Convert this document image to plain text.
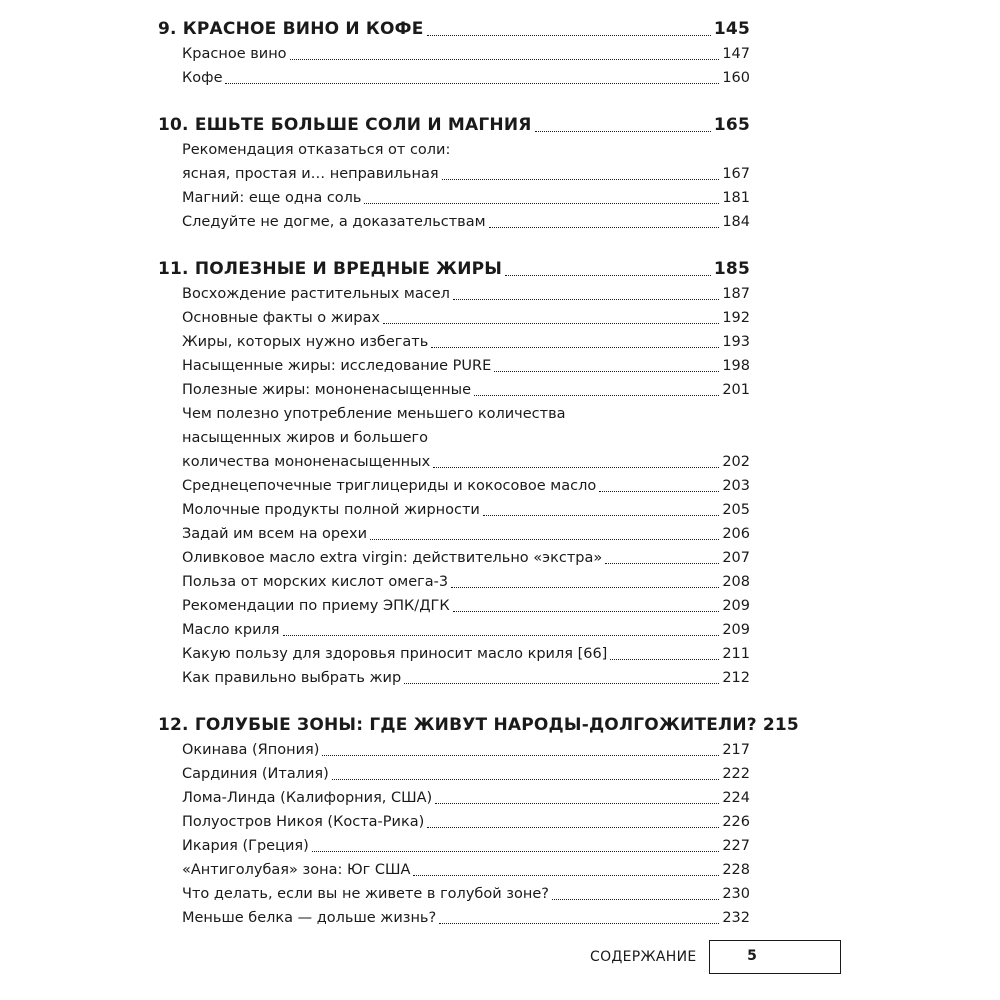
9. КРАСНОЕ ВИНО И КОФЕ	145
Красное вино	147
Кофе	160
10. ЕШЬТЕ БОЛЬШЕ СОЛИ И МАГНИЯ	165
Рекомендация отказаться от соли:
ясная, простая и… неправильная	167
Магний: еще одна соль	181
Следуйте не догме, а доказательствам	184
11. ПОЛЕЗНЫЕ И ВРЕДНЫЕ ЖИРЫ	185
Восхождение растительных масел	187
Основные факты о жирах	192
Жиры, которых нужно избегать	193
Насыщенные жиры: исследование PURE	198
Полезные жиры: мононенасыщенные	201
Чем полезно употребление меньшего количества
насыщенных жиров и большего
количества мононенасыщенных	202
Среднецепочечные триглицериды и кокосовое масло	203
Молочные продукты полной жирности	205
Задай им всем на орехи	206
Оливковое масло extra virgin: действительно «экстра»	207
Польза от морских кислот омега-3	208
Рекомендации по приему ЭПК/ДГК	209
Масло криля	209
Какую пользу для здоровья приносит масло криля [66]	211
Как правильно выбрать жир	212
12. ГОЛУБЫЕ ЗОНЫ: ГДЕ ЖИВУТ НАРОДЫ-ДОЛГОЖИТЕЛИ? 215
Окинава (Япония)	217
Сардиния (Италия)	222
Лома-Линда (Калифорния, США)	224
Полуостров Никоя (Коста-Рика)	226
Икария (Греция)	227
«Антиголубая» зона: Юг США	228
Что делать, если вы не живете в голубой зоне?	230
Меньше белка — дольше жизнь?	232
СОДЕРЖАНИЕ	5
